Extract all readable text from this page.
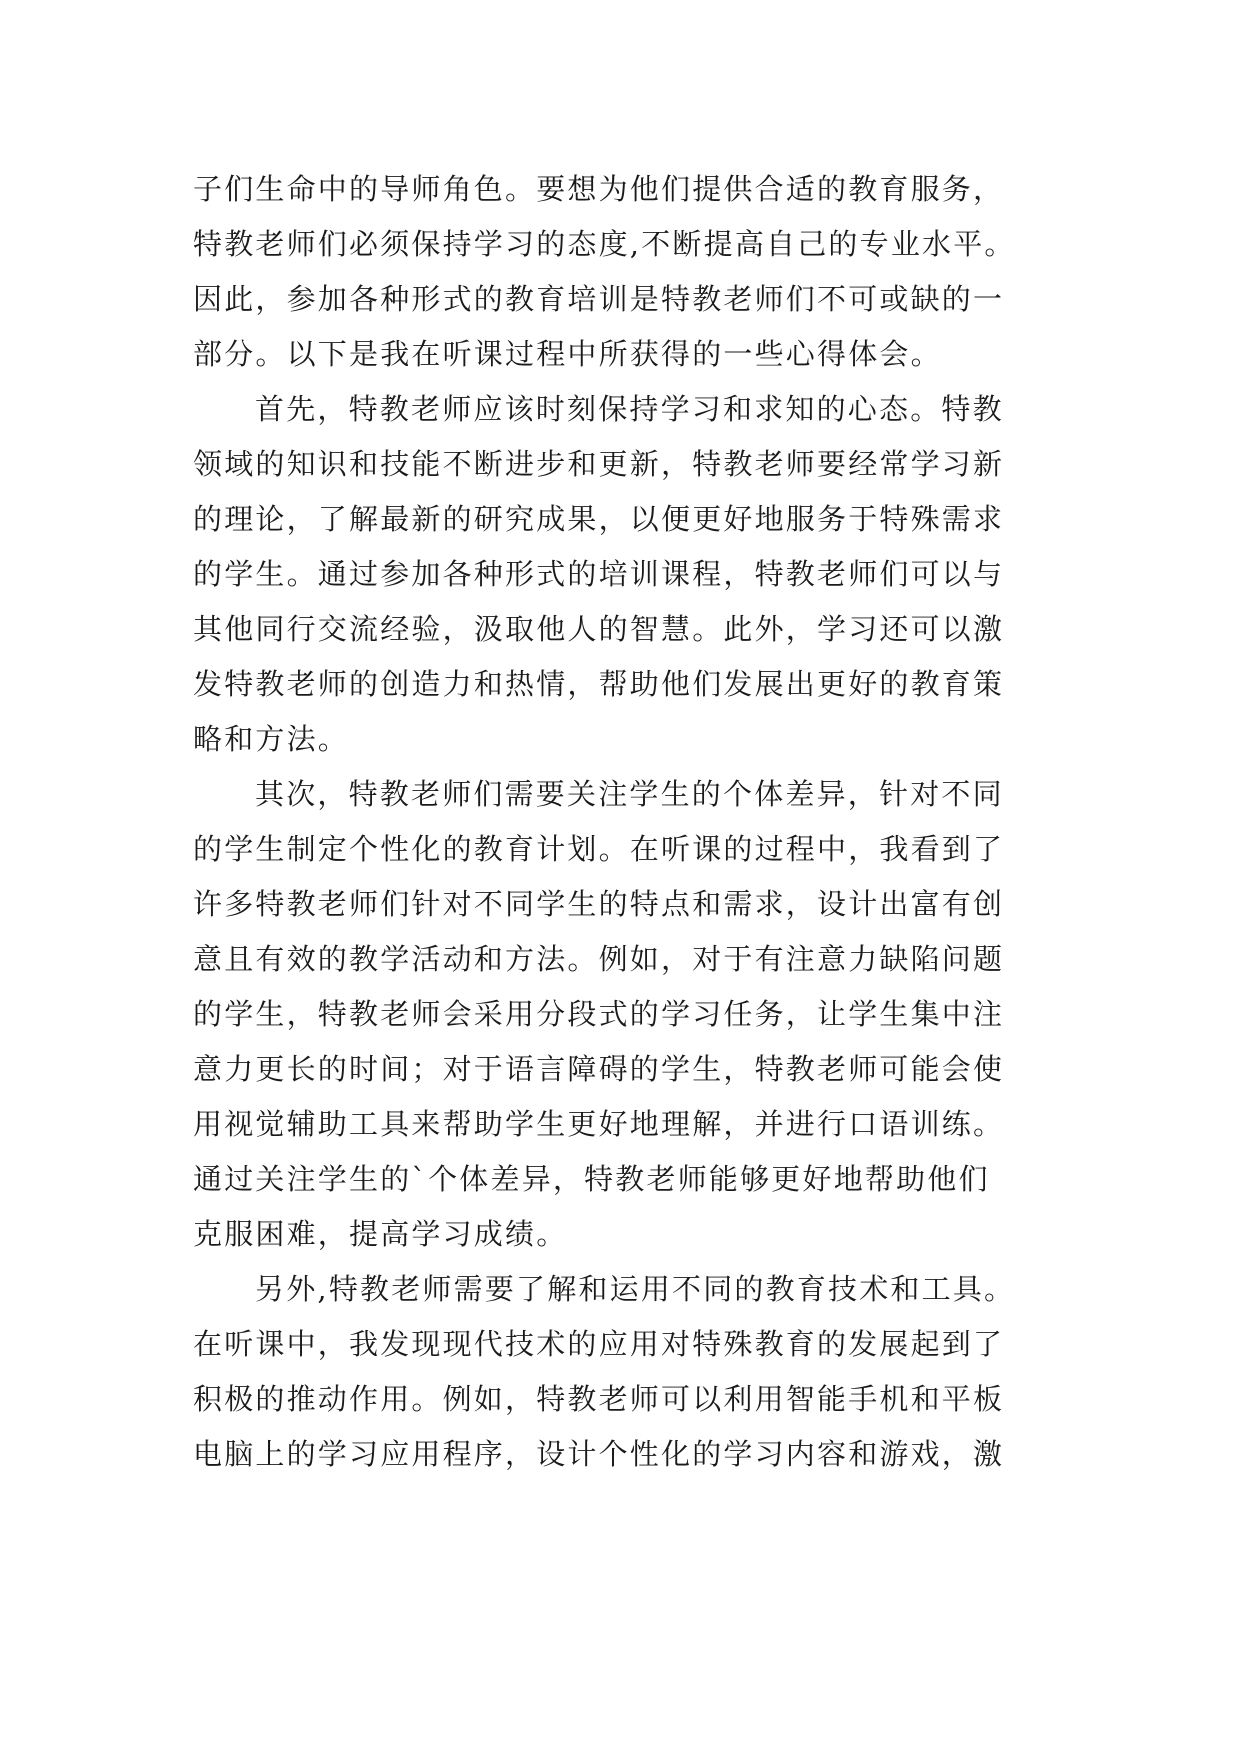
子们生命中的导师角色。要想为他们提供合适的教育服务，
特教老师们必须保持学习的态度,不断提高自己的专业水平。
因此，参加各种形式的教育培训是特教老师们不可或缺的一
部分。以下是我在听课过程中所获得的一些心得体会。
首先，特教老师应该时刻保持学习和求知的心态。特教
领域的知识和技能不断进步和更新，特教老师要经常学习新
的理论，了解最新的研究成果，以便更好地服务于特殊需求
的学生。通过参加各种形式的培训课程，特教老师们可以与
其他同行交流经验，汲取他人的智慧。此外，学习还可以激
发特教老师的创造力和热情，帮助他们发展出更好的教育策
略和方法。
其次，特教老师们需要关注学生的个体差异，针对不同
的学生制定个性化的教育计划。在听课的过程中，我看到了
许多特教老师们针对不同学生的特点和需求，设计出富有创
意且有效的教学活动和方法。例如，对于有注意力缺陷问题
的学生，特教老师会采用分段式的学习任务，让学生集中注
意力更长的时间；对于语言障碍的学生，特教老师可能会使
用视觉辅助工具来帮助学生更好地理解，并进行口语训练。
通过关注学生的`个体差异，特教老师能够更好地帮助他们
克服困难，提高学习成绩。
另外,特教老师需要了解和运用不同的教育技术和工具。
在听课中，我发现现代技术的应用对特殊教育的发展起到了
积极的推动作用。例如，特教老师可以利用智能手机和平板
电脑上的学习应用程序，设计个性化的学习内容和游戏，激
